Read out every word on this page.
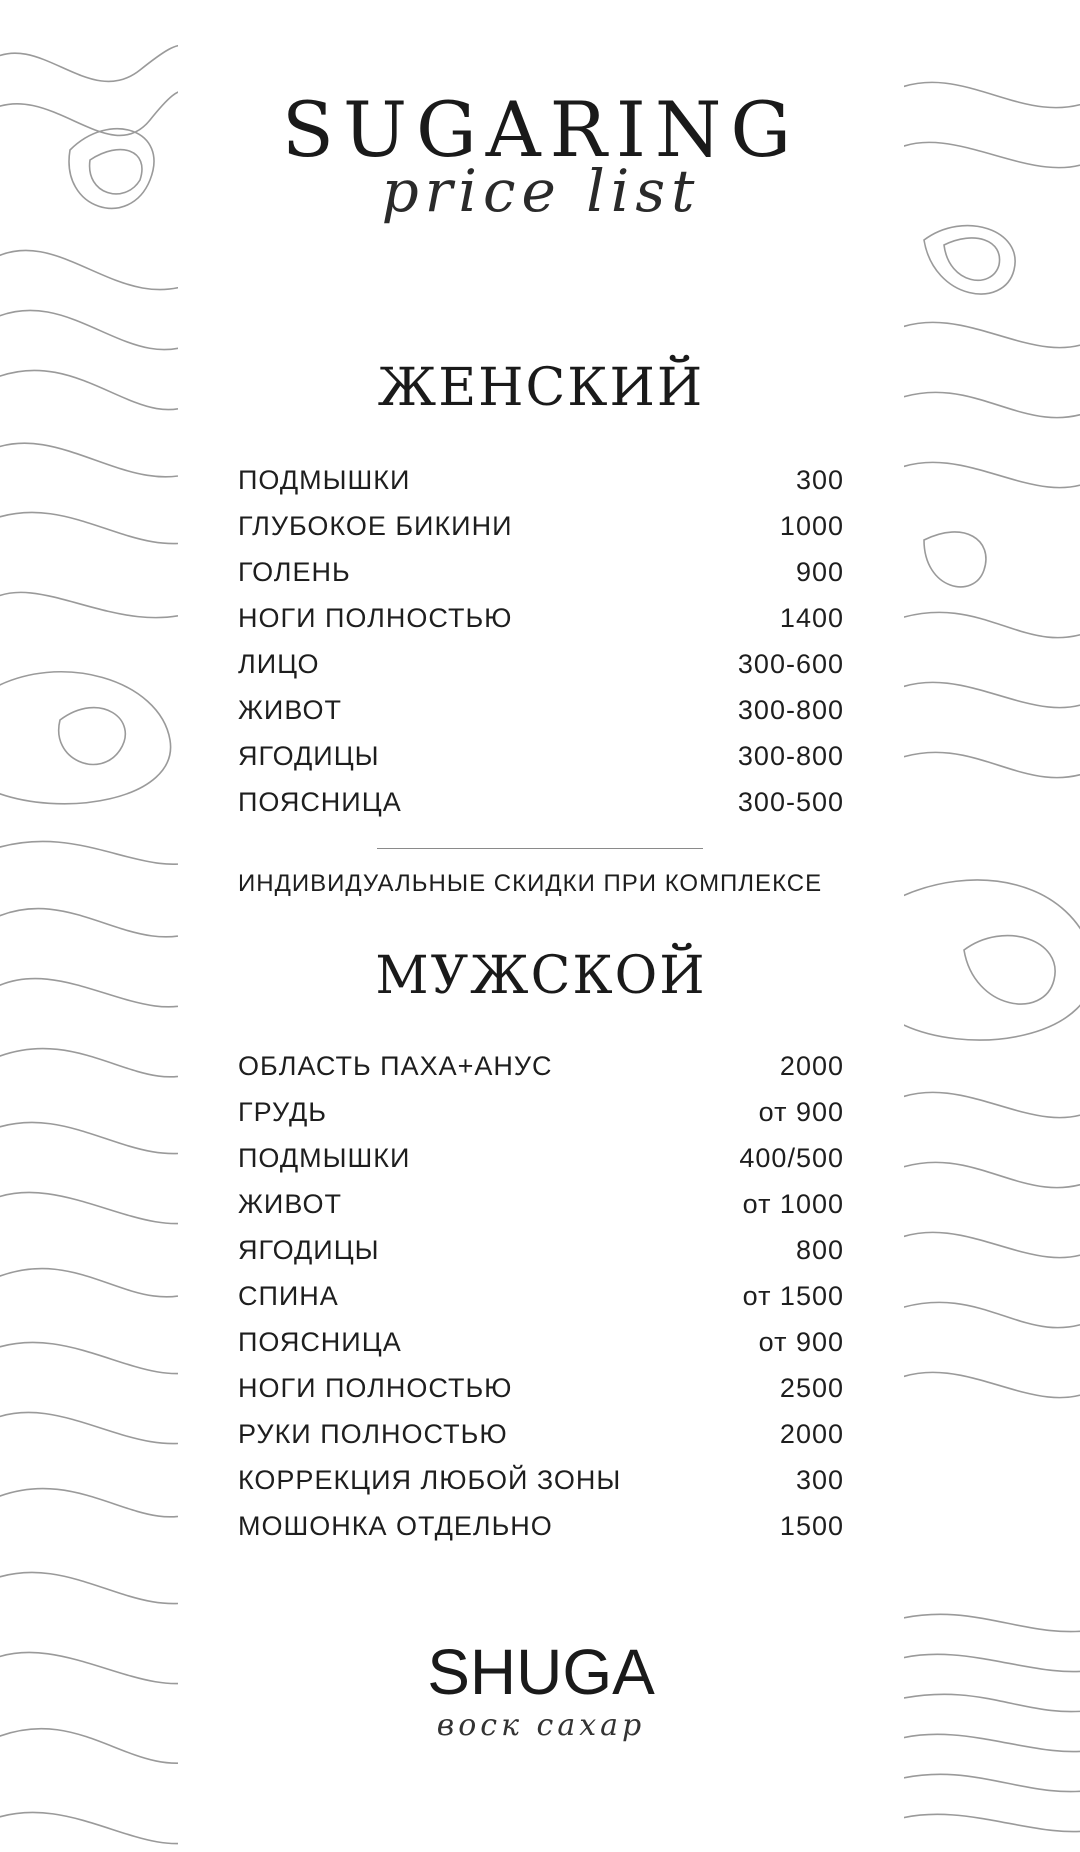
SUGARING
price list
ЖЕНСКИЙ
ПОДМЫШКИ	300
ГЛУБОКОЕ БИКИНИ	1000
ГОЛЕНЬ	900
НОГИ ПОЛНОСТЬЮ	1400
ЛИЦО	300-600
ЖИВОТ	300-800
ЯГОДИЦЫ	300-800
ПОЯСНИЦА	300-500
ИНДИВИДУАЛЬНЫЕ СКИДКИ ПРИ КОМПЛЕКСЕ
МУЖСКОЙ
ОБЛАСТЬ ПАХА+АНУС	2000
ГРУДЬ	от 900
ПОДМЫШКИ	400/500
ЖИВОТ	от 1000
ЯГОДИЦЫ	800
СПИНА	от 1500
ПОЯСНИЦА	от 900
НОГИ ПОЛНОСТЬЮ	2500
РУКИ ПОЛНОСТЬЮ	2000
КОРРЕКЦИЯ ЛЮБОЙ ЗОНЫ	300
МОШОНКА ОТДЕЛЬНО	1500
SHUGA
воск сахар
